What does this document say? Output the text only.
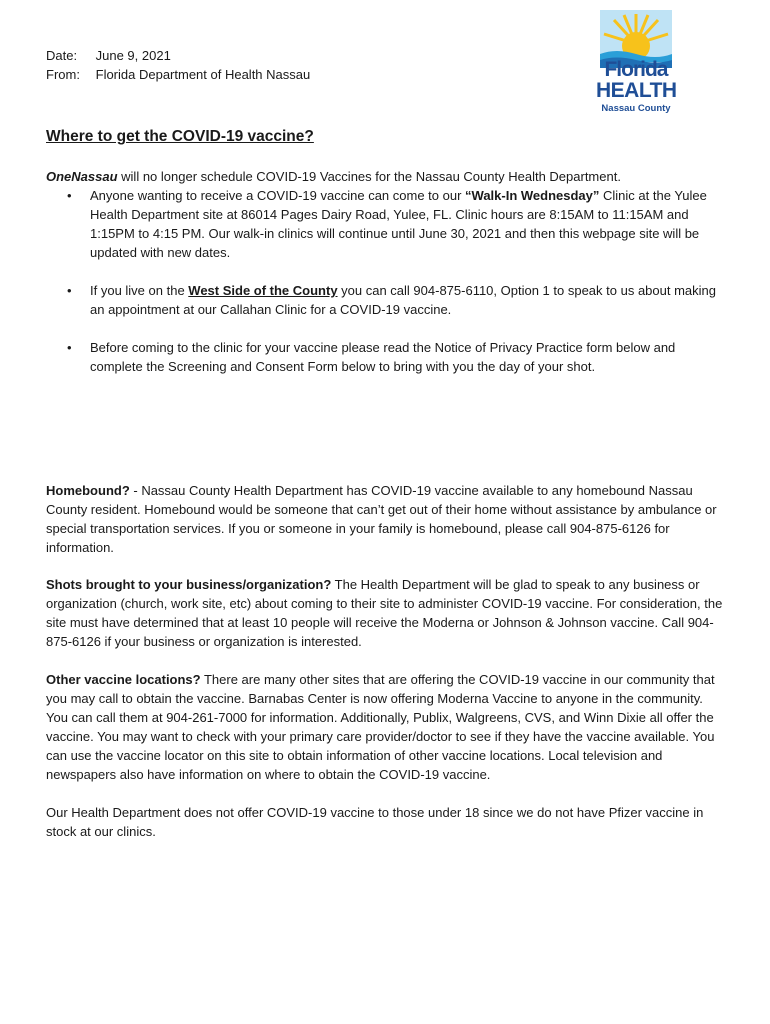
Date: June 9, 2021
From: Florida Department of Health Nassau	Florida
HEALTH
Nassau County
Where to get the COVID-19 vaccine?

OneNassau will no longer schedule COVID-19 Vaccines for the Nassau County Health Department.

• Anyone wanting to receive a COVID-19 vaccine can come to our “Walk-In Wednesday” Clinic at the Yulee Health Department site at 86014 Pages Dairy Road, Yulee, FL. Clinic hours are 8:15AM to 11:15AM and 1:15PM to 4:15 PM. Our walk-in clinics will continue until June 30, 2021 and then this webpage site will be updated with new dates.
• If you live on the West Side of the County you can call 904-875-6110, Option 1 to speak to us about making an appointment at our Callahan Clinic for a COVID-19 vaccine.
• Before coming to the clinic for your vaccine please read the Notice of Privacy Practice form below and complete the Screening and Consent Form below to bring with you the day of your shot.

Homebound? - Nassau County Health Department has COVID-19 vaccine available to any homebound Nassau County resident. Homebound would be someone that can’t get out of their home without assistance by ambulance or special transportation services. If you or someone in your family is homebound, please call 904-875-6126 for information.

Shots brought to your business/organization? The Health Department will be glad to speak to any business or organization (church, work site, etc) about coming to their site to administer COVID-19 vaccine. For consideration, the site must have determined that at least 10 people will receive the Moderna or Johnson & Johnson vaccine. Call 904-875-6126 if your business or organization is interested.

Other vaccine locations? There are many other sites that are offering the COVID-19 vaccine in our community that you may call to obtain the vaccine. Barnabas Center is now offering Moderna Vaccine to anyone in the community. You can call them at 904-261-7000 for information. Additionally, Publix, Walgreens, CVS, and Winn Dixie all offer the vaccine. You may want to check with your primary care provider/doctor to see if they have the vaccine available. You can use the vaccine locator on this site to obtain information of other vaccine locations. Local television and newspapers also have information on where to obtain the COVID-19 vaccine.

Our Health Department does not offer COVID-19 vaccine to those under 18 since we do not have Pfizer vaccine in stock at our clinics.
